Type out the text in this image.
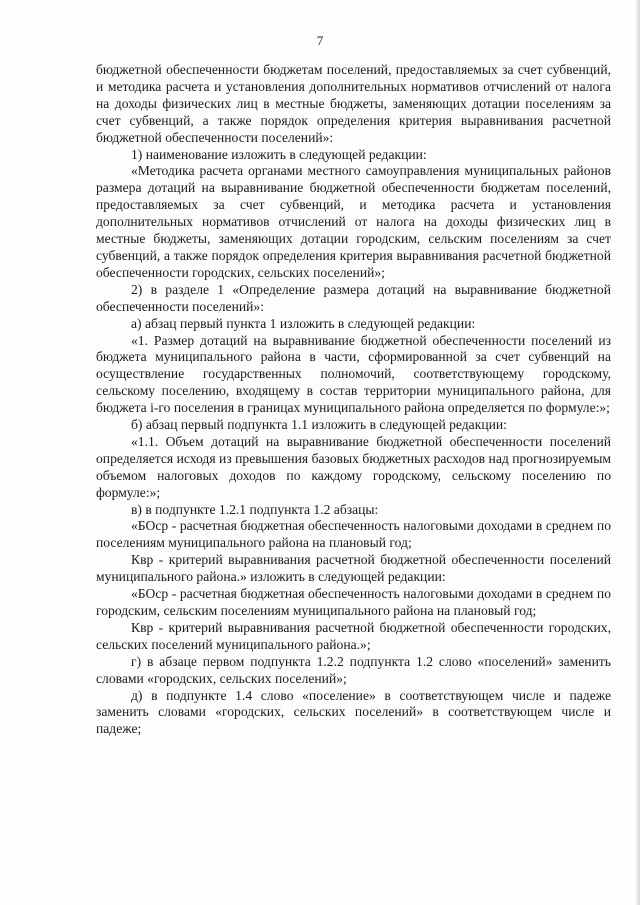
7

бюджетной обеспеченности бюджетам поселений, предоставляемых за счет субвенций, и методика расчета и установления дополнительных нормативов отчислений от налога на доходы физических лиц в местные бюджеты, заменяющих дотации поселениям за счет субвенций, а также порядок определения критерия выравнивания расчетной бюджетной обеспеченности поселений»:

1) наименование изложить в следующей редакции:

«Методика расчета органами местного самоуправления муниципальных районов размера дотаций на выравнивание бюджетной обеспеченности бюджетам поселений, предоставляемых за счет субвенций, и методика расчета и установления дополнительных нормативов отчислений от налога на доходы физических лиц в местные бюджеты, заменяющих дотации городским, сельским поселениям за счет субвенций, а также порядок определения критерия выравнивания расчетной бюджетной обеспеченности городских, сельских поселений»;

2) в разделе 1 «Определение размера дотаций на выравнивание бюджетной обеспеченности поселений»:

а) абзац первый пункта 1 изложить в следующей редакции:

«1. Размер дотаций на выравнивание бюджетной обеспеченности поселений из бюджета муниципального района в части, сформированной за счет субвенций на осуществление государственных полномочий, соответствующему городскому, сельскому поселению, входящему в состав территории муниципального района, для бюджета i-го поселения в границах муниципального района определяется по формуле:»;

б) абзац первый подпункта 1.1 изложить в следующей редакции:

«1.1. Объем дотаций на выравнивание бюджетной обеспеченности поселений определяется исходя из превышения базовых бюджетных расходов над прогнозируемым объемом налоговых доходов по каждому городскому, сельскому поселению по формуле:»;

в) в подпункте 1.2.1 подпункта 1.2 абзацы:

«БОср - расчетная бюджетная обеспеченность налоговыми доходами в среднем по поселениям муниципального района на плановый год;

Квр - критерий выравнивания расчетной бюджетной обеспеченности поселений муниципального района.» изложить в следующей редакции:

«БОср - расчетная бюджетная обеспеченность налоговыми доходами в среднем по городским, сельским поселениям муниципального района на плановый год;

Квр - критерий выравнивания расчетной бюджетной обеспеченности городских, сельских поселений муниципального района.»;

г) в абзаце первом подпункта 1.2.2 подпункта 1.2 слово «поселений» заменить словами «городских, сельских поселений»;

д) в подпункте 1.4 слово «поселение» в соответствующем числе и падеже заменить словами «городских, сельских поселений» в соответствующем числе и падеже;
